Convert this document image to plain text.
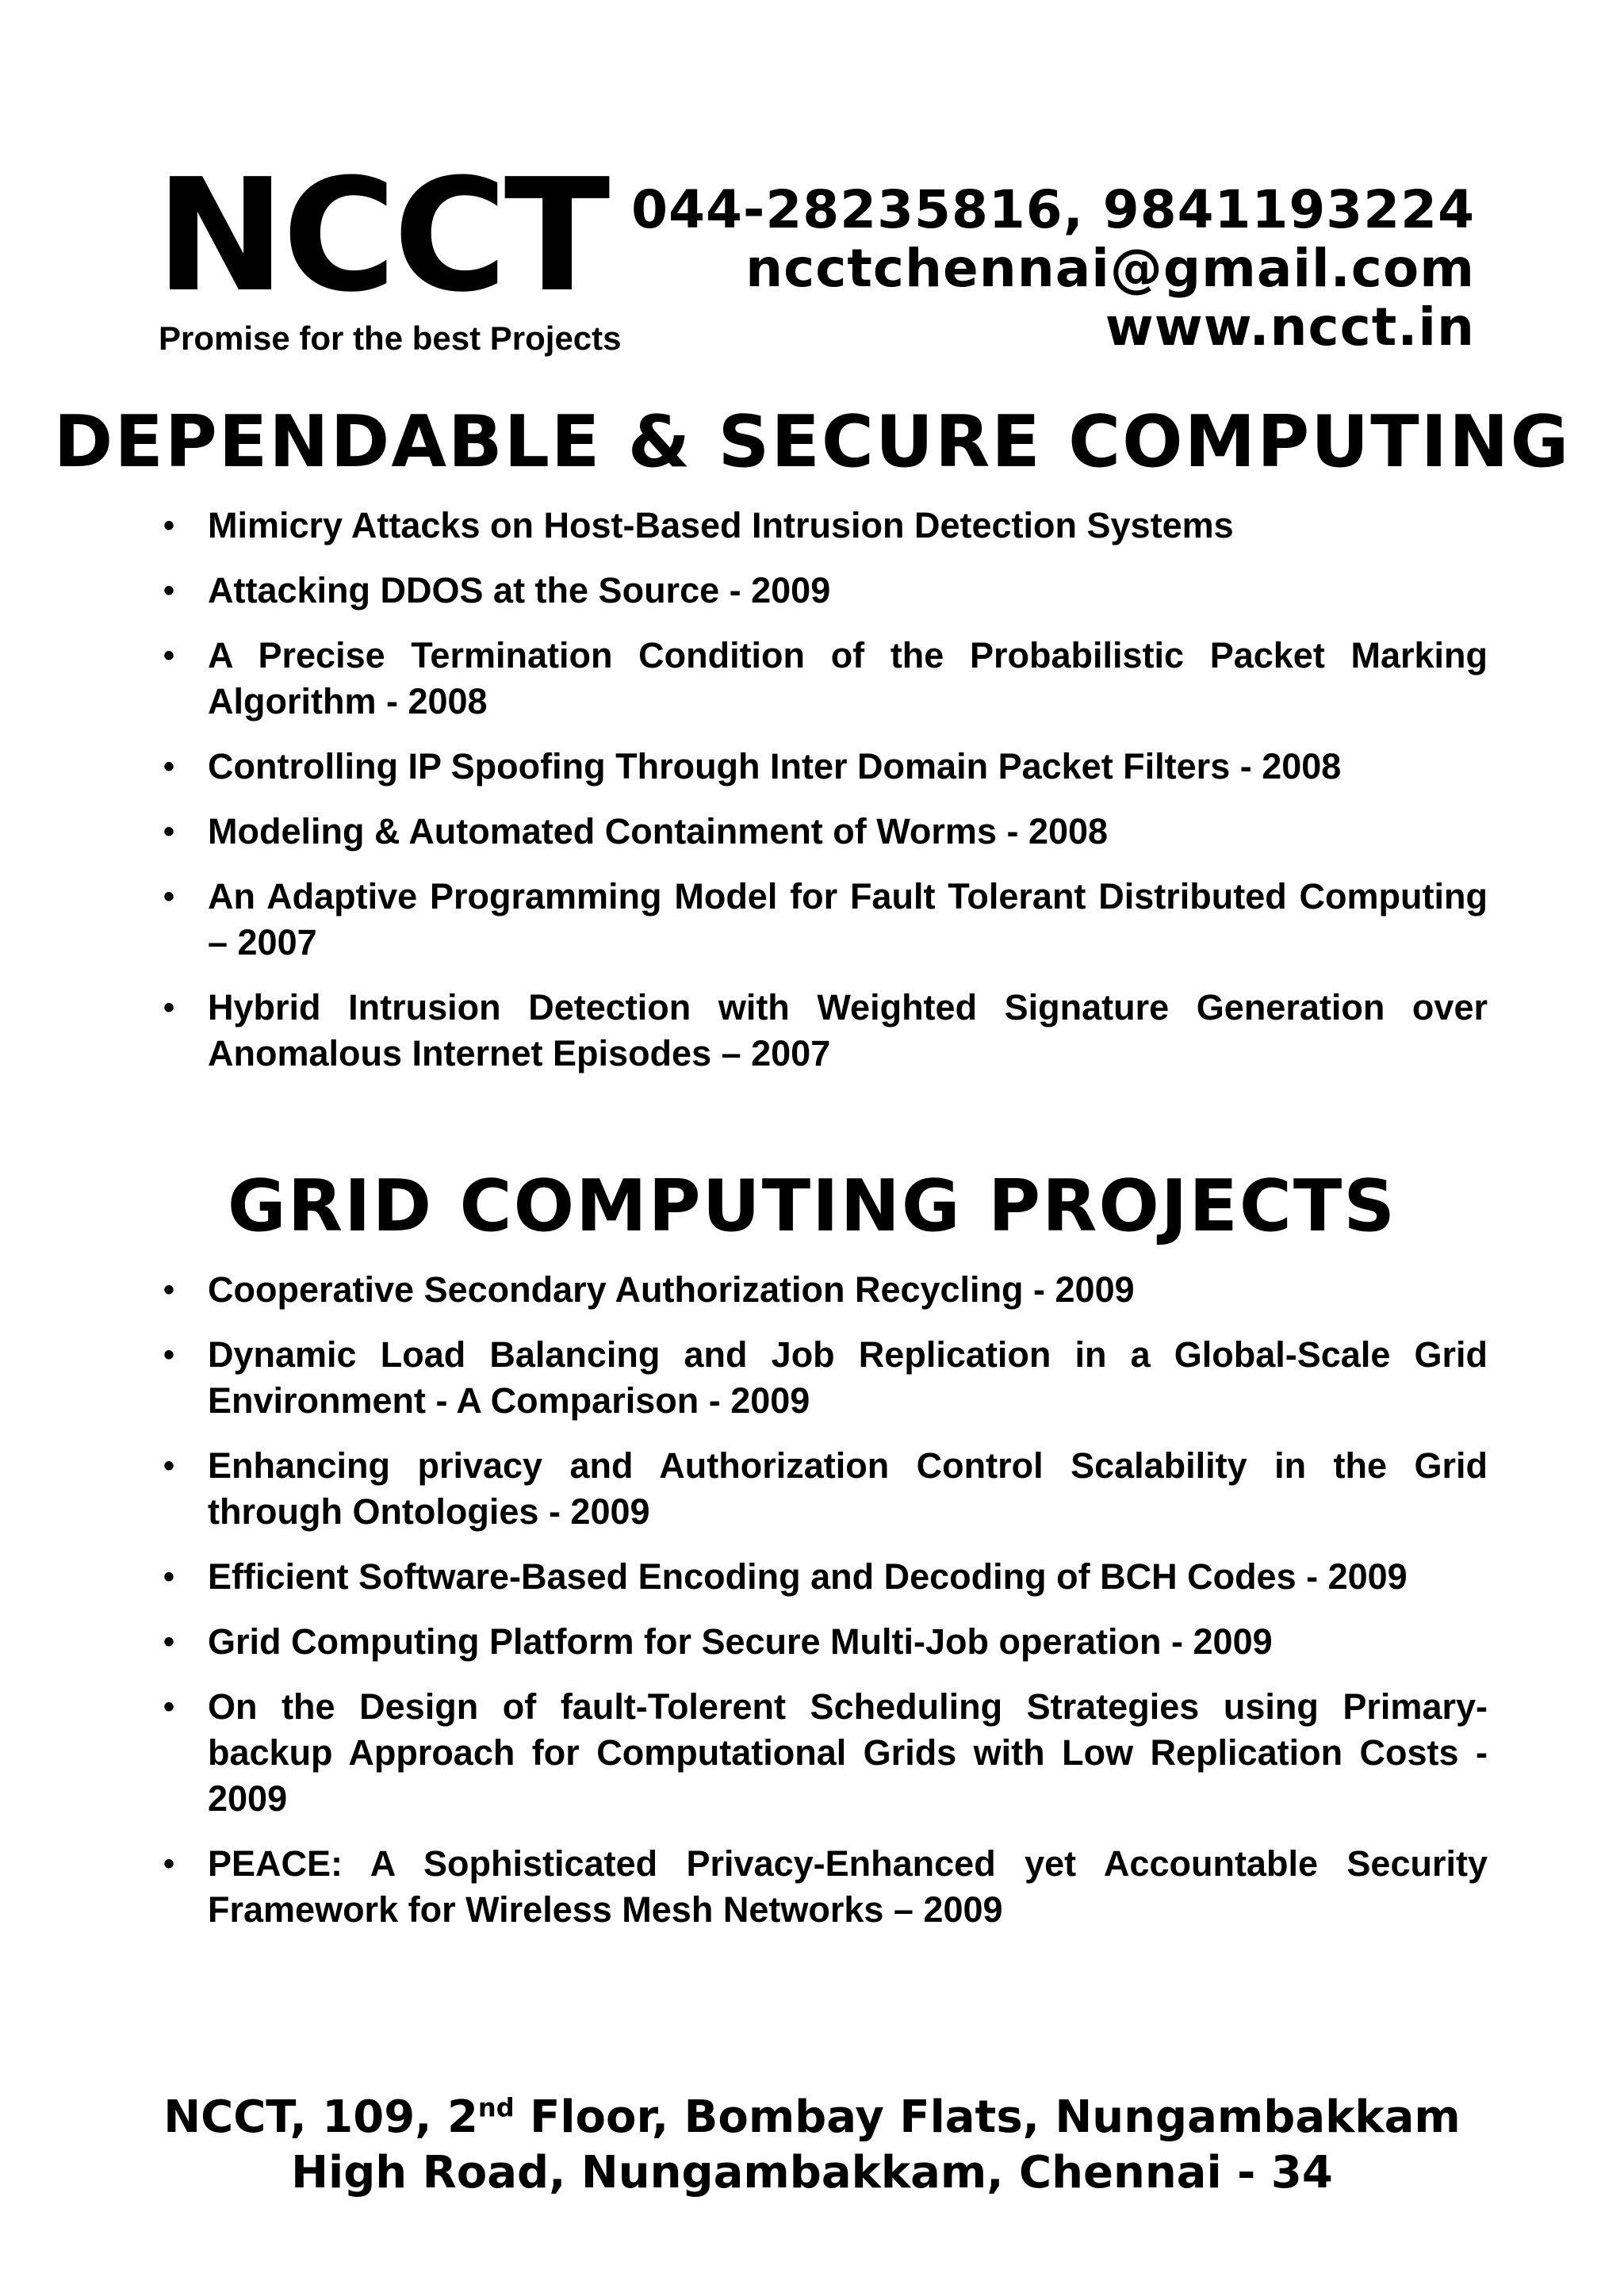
NCCT
Promise for the best Projects
044-28235816, 9841193224
ncctchennai@gmail.com
www.ncct.in
DEPENDABLE & SECURE COMPUTING
• Mimicry Attacks on Host-Based Intrusion Detection Systems
• Attacking DDOS at the Source - 2009
• A Precise Termination Condition of the Probabilistic Packet Marking Algorithm - 2008
• Controlling IP Spoofing Through Inter Domain Packet Filters - 2008
• Modeling & Automated Containment of Worms - 2008
• An Adaptive Programming Model for Fault Tolerant Distributed Computing – 2007
• Hybrid Intrusion Detection with Weighted Signature Generation over Anomalous Internet Episodes – 2007
GRID COMPUTING PROJECTS
• Cooperative Secondary Authorization Recycling - 2009
• Dynamic Load Balancing and Job Replication in a Global-Scale Grid Environment - A Comparison - 2009
• Enhancing privacy and Authorization Control Scalability in the Grid through Ontologies - 2009
• Efficient Software-Based Encoding and Decoding of BCH Codes - 2009
• Grid Computing Platform for Secure Multi-Job operation - 2009
• On the Design of fault-Tolerent Scheduling Strategies using Primary-backup Approach for Computational Grids with Low Replication Costs - 2009
• PEACE: A Sophisticated Privacy-Enhanced yet Accountable Security Framework for Wireless Mesh Networks – 2009
NCCT, 109, 2nd Floor, Bombay Flats, Nungambakkam
High Road, Nungambakkam, Chennai - 34
